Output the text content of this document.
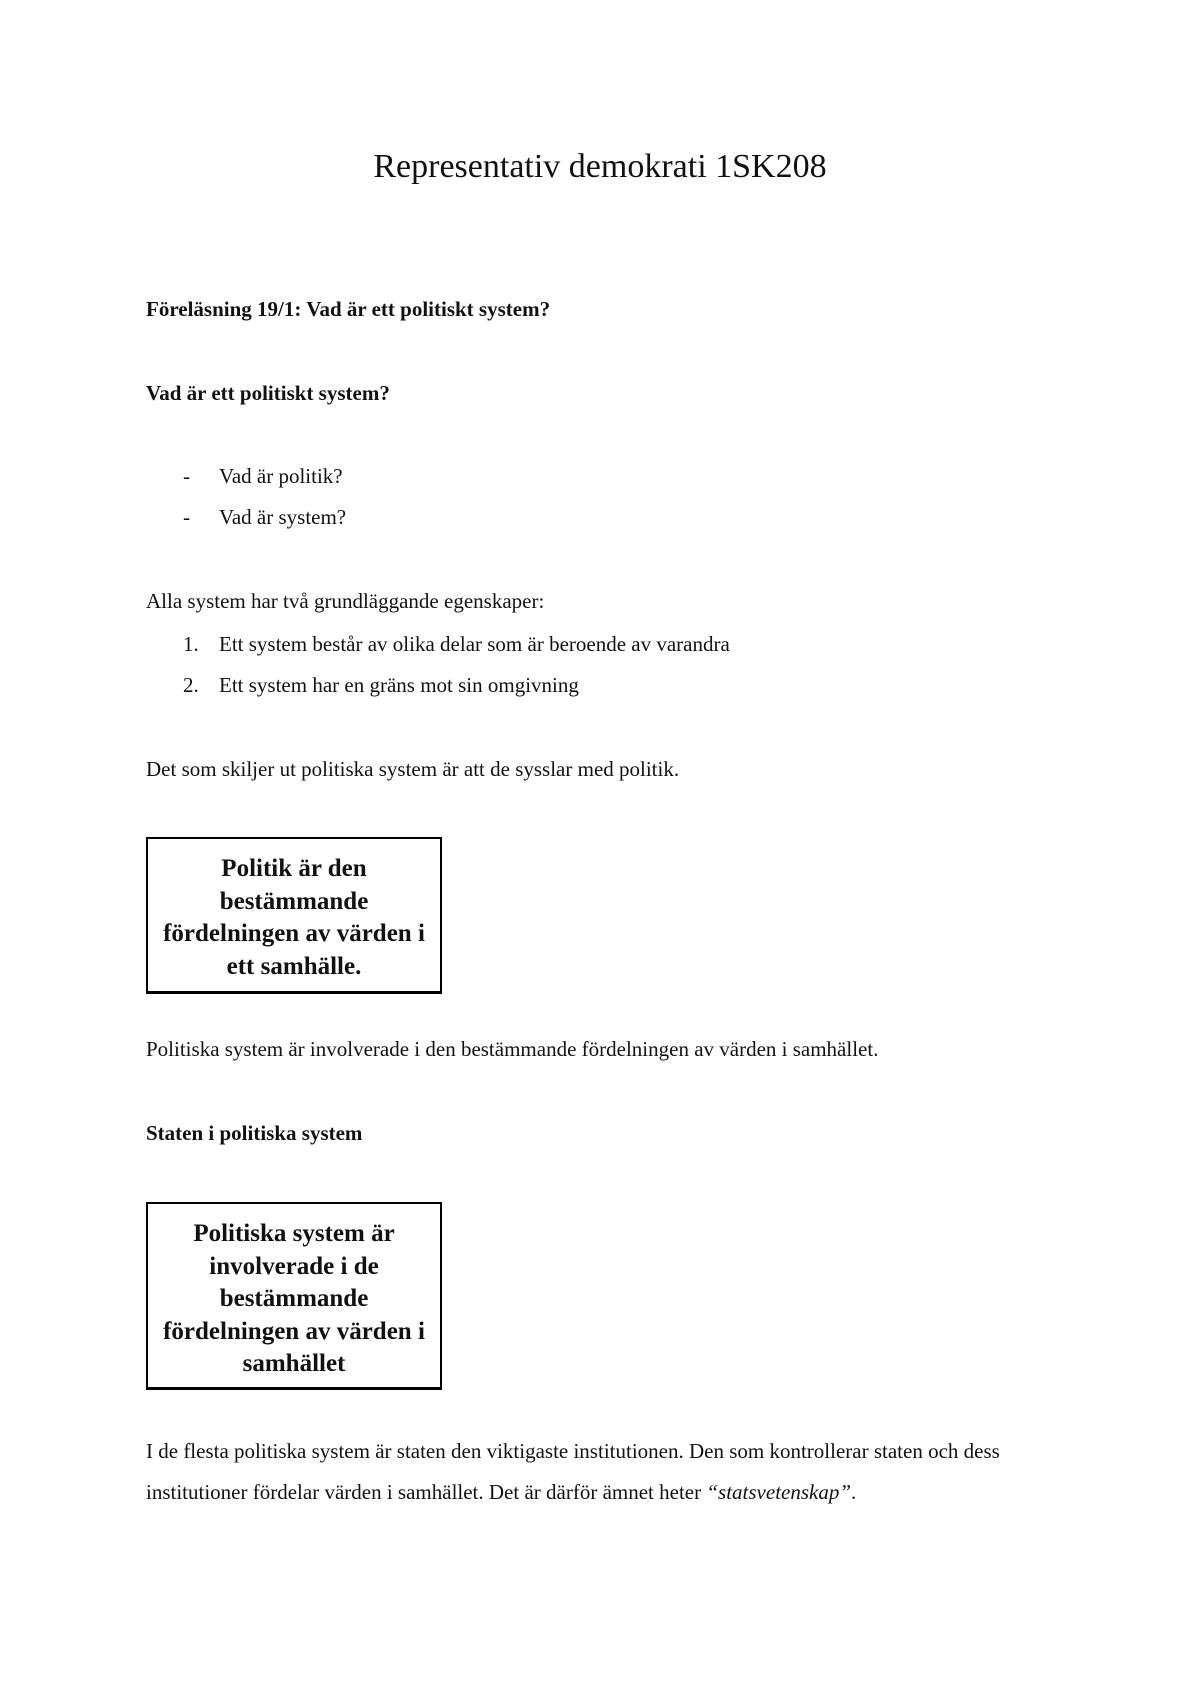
Representativ demokrati 1SK208

Föreläsning 19/1: Vad är ett politiskt system?

Vad är ett politiskt system?

- Vad är politik?
- Vad är system?

Alla system har två grundläggande egenskaper:

1. Ett system består av olika delar som är beroende av varandra
2. Ett system har en gräns mot sin omgivning

Det som skiljer ut politiska system är att de sysslar med politik.

Politik är den
bestämmande
fördelningen av värden i
ett samhälle.

Politiska system är involverade i den bestämmande fördelningen av värden i samhället.

Staten i politiska system

Politiska system är
involverade i de
bestämmande
fördelningen av värden i
samhället

I de flesta politiska system är staten den viktigaste institutionen. Den som kontrollerar staten och dess institutioner fördelar värden i samhället. Det är därför ämnet heter “statsvetenskap”.
